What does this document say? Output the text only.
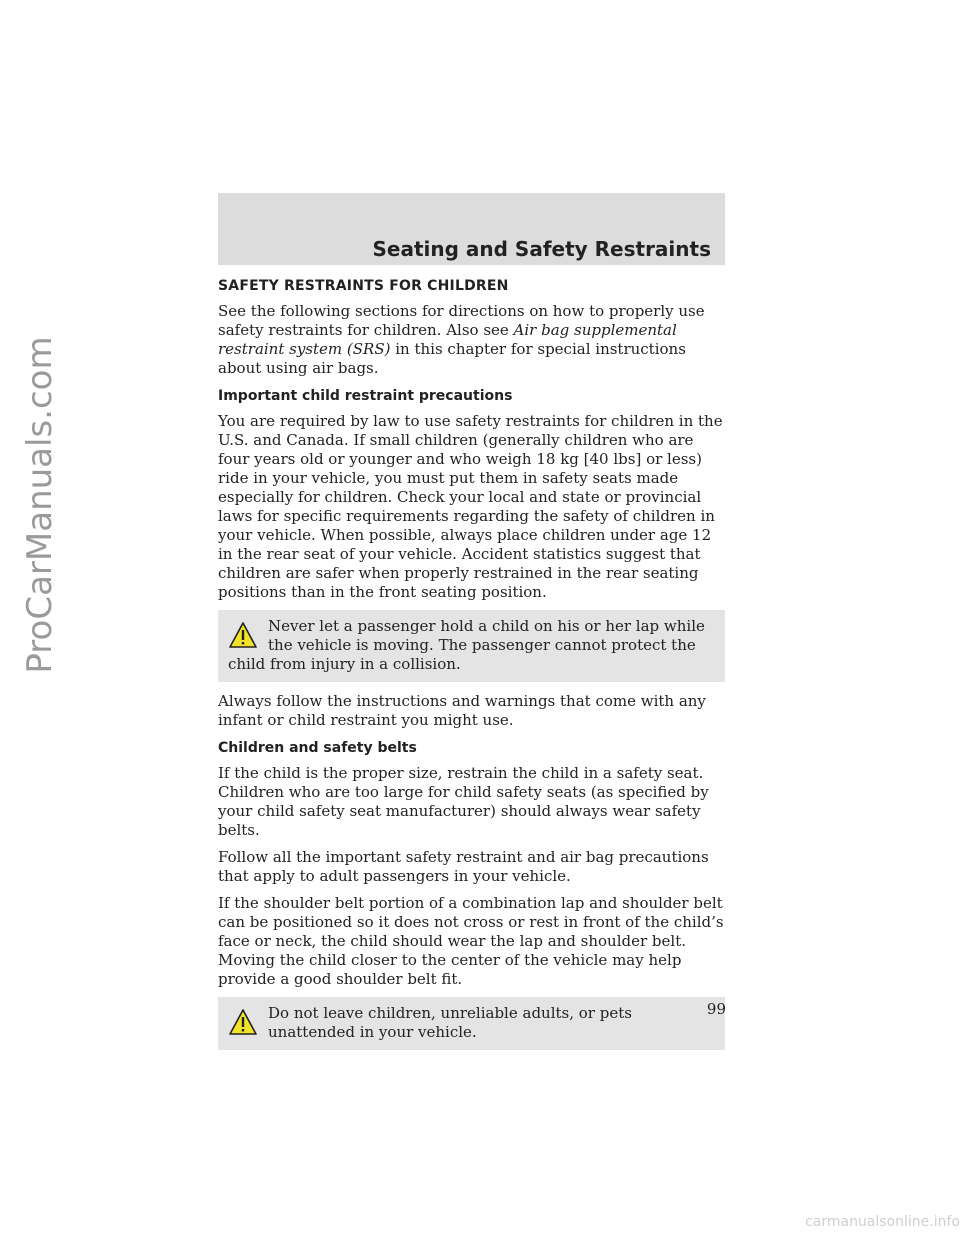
ProCarManuals.com
Seating and Safety Restraints
SAFETY RESTRAINTS FOR CHILDREN

See the following sections for directions on how to properly use safety restraints for children. Also see Air bag supplemental restraint system (SRS) in this chapter for special instructions about using air bags.

Important child restraint precautions

You are required by law to use safety restraints for children in the U.S. and Canada. If small children (generally children who are four years old or younger and who weigh 18 kg [40 lbs] or less) ride in your vehicle, you must put them in safety seats made especially for children. Check your local and state or provincial laws for specific requirements regarding the safety of children in your vehicle. When possible, always place children under age 12 in the rear seat of your vehicle. Accident statistics suggest that children are safer when properly restrained in the rear seating positions than in the front seating position.

Never let a passenger hold a child on his or her lap while the vehicle is moving. The passenger cannot protect the child from injury in a collision.

Always follow the instructions and warnings that come with any infant or child restraint you might use.

Children and safety belts

If the child is the proper size, restrain the child in a safety seat. Children who are too large for child safety seats (as specified by your child safety seat manufacturer) should always wear safety belts.

Follow all the important safety restraint and air bag precautions that apply to adult passengers in your vehicle.

If the shoulder belt portion of a combination lap and shoulder belt can be positioned so it does not cross or rest in front of the child’s face or neck, the child should wear the lap and shoulder belt. Moving the child closer to the center of the vehicle may help provide a good shoulder belt fit.

Do not leave children, unreliable adults, or pets unattended in your vehicle.
99
carmanualsonline.info
